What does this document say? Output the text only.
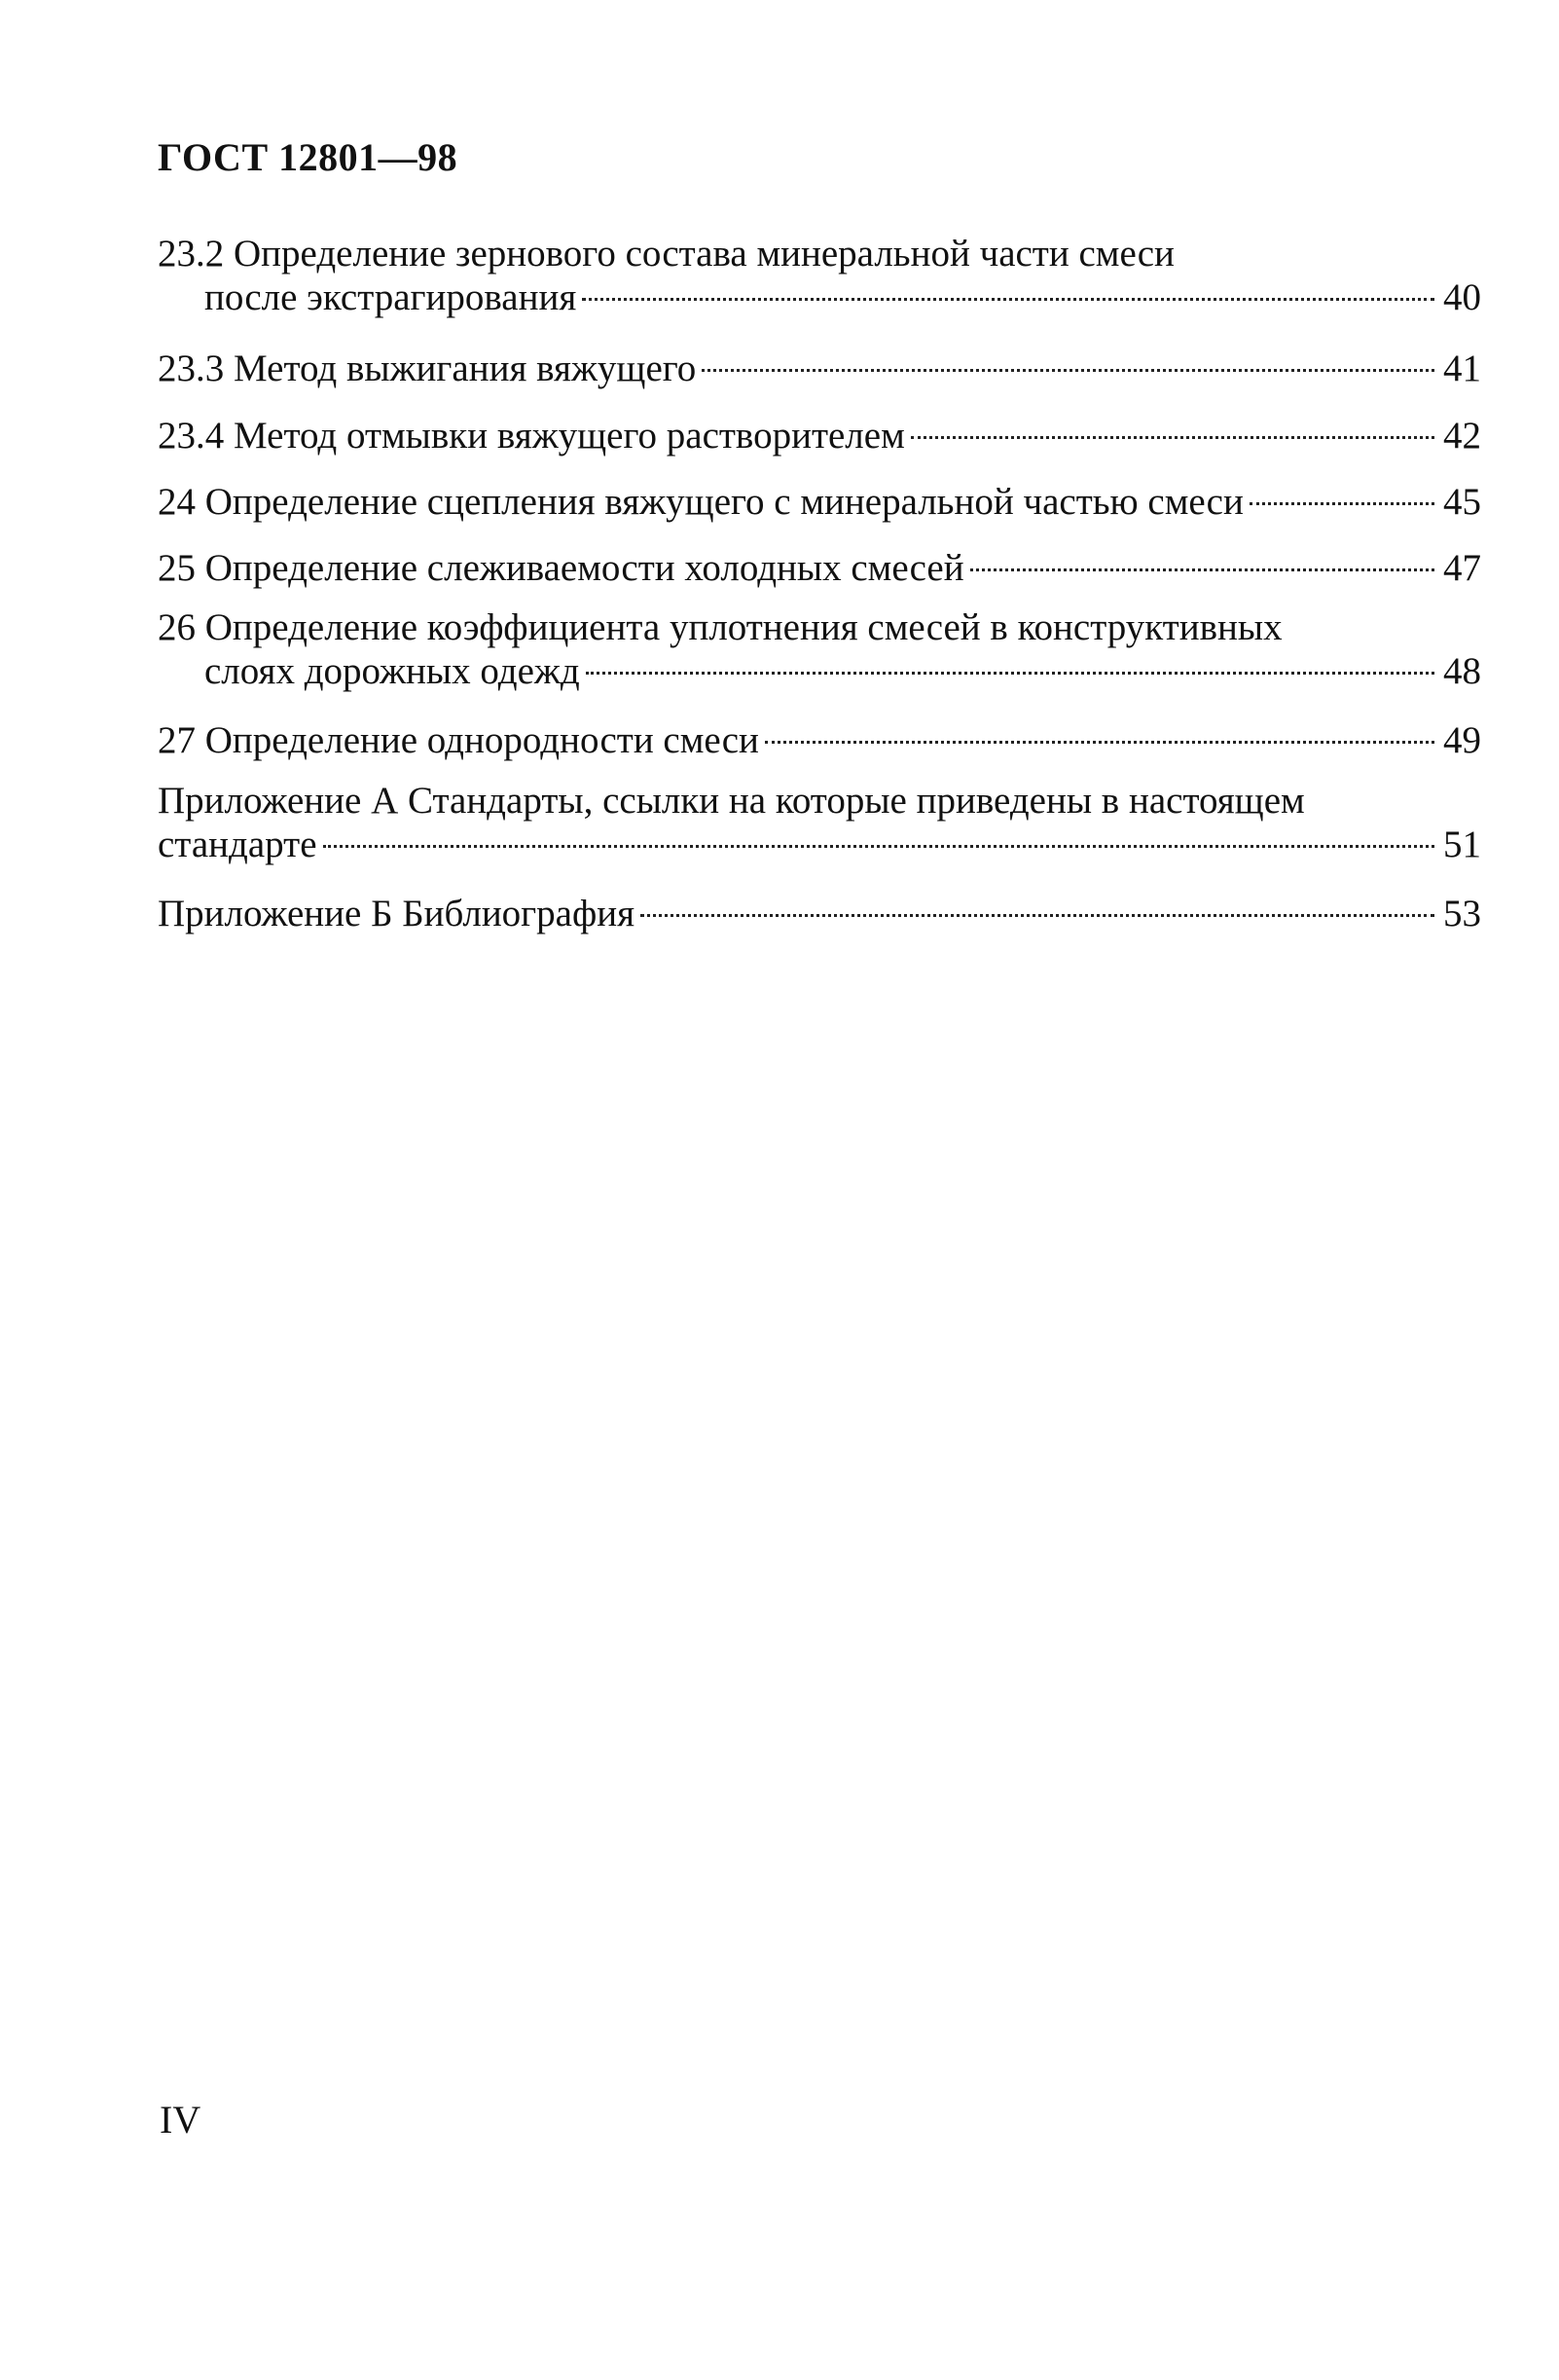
ГОСТ 12801—98
23.2 Определение зернового состава минеральной части смеси
после экстрагирования	40
23.3 Метод выжигания вяжущего	41
23.4 Метод отмывки вяжущего растворителем	42
24 Определение сцепления вяжущего с минеральной частью смеси	45
25 Определение слеживаемости холодных смесей	47
26 Определение коэффициента уплотнения смесей в конструктивных
слоях дорожных одежд	48
27 Определение однородности смеси	49
Приложение А Стандарты, ссылки на которые приведены в настоящем
стандарте	51
Приложение Б Библиография	53
IV
